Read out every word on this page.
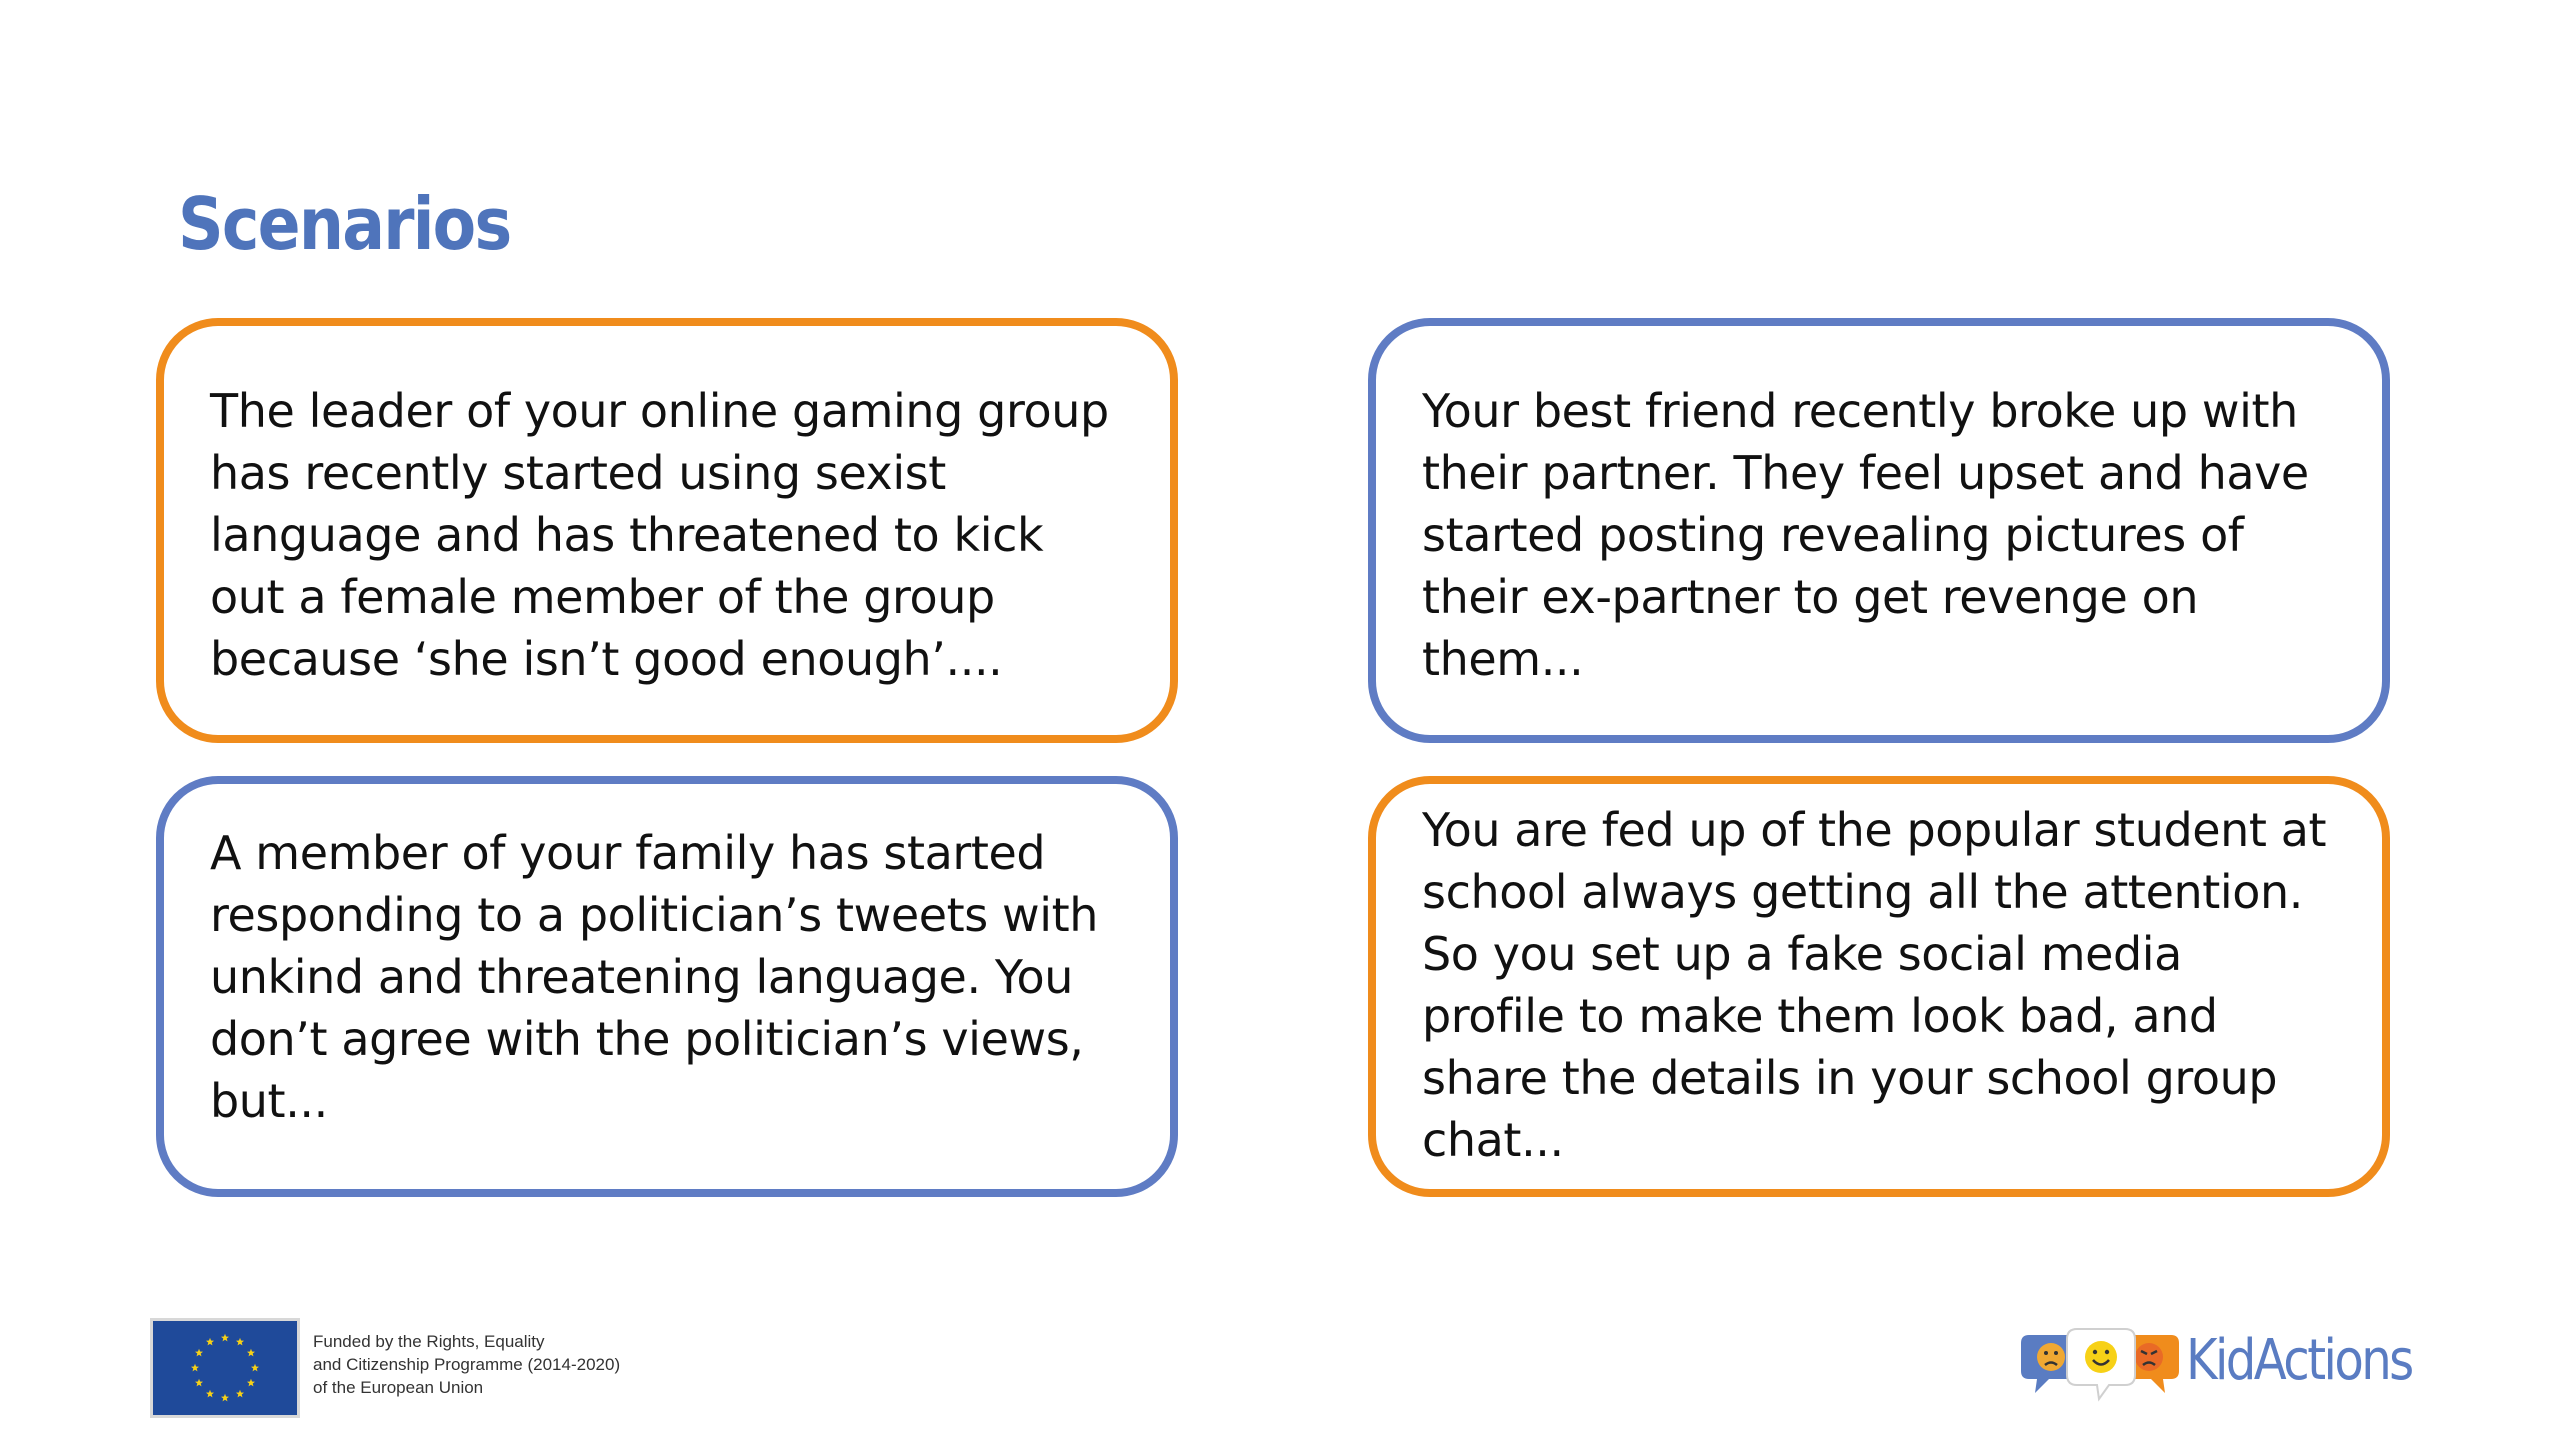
Scenarios

The leader of your online gaming group has recently started using sexist language and has threatened to kick out a female member of the group because ‘she isn’t good enough’....

Your best friend recently broke up with their partner. They feel upset and have started posting revealing pictures of their ex-partner to get revenge on them...

A member of your family has started responding to a politician’s tweets with unkind and threatening language. You don’t agree with the politician’s views, but...

You are fed up of the popular student at school always getting all the attention. So you set up a fake social media profile to make them look bad, and share the details in your school group chat...

Funded by the Rights, Equality
and Citizenship Programme (2014-2020)
of the European Union	KidActions
